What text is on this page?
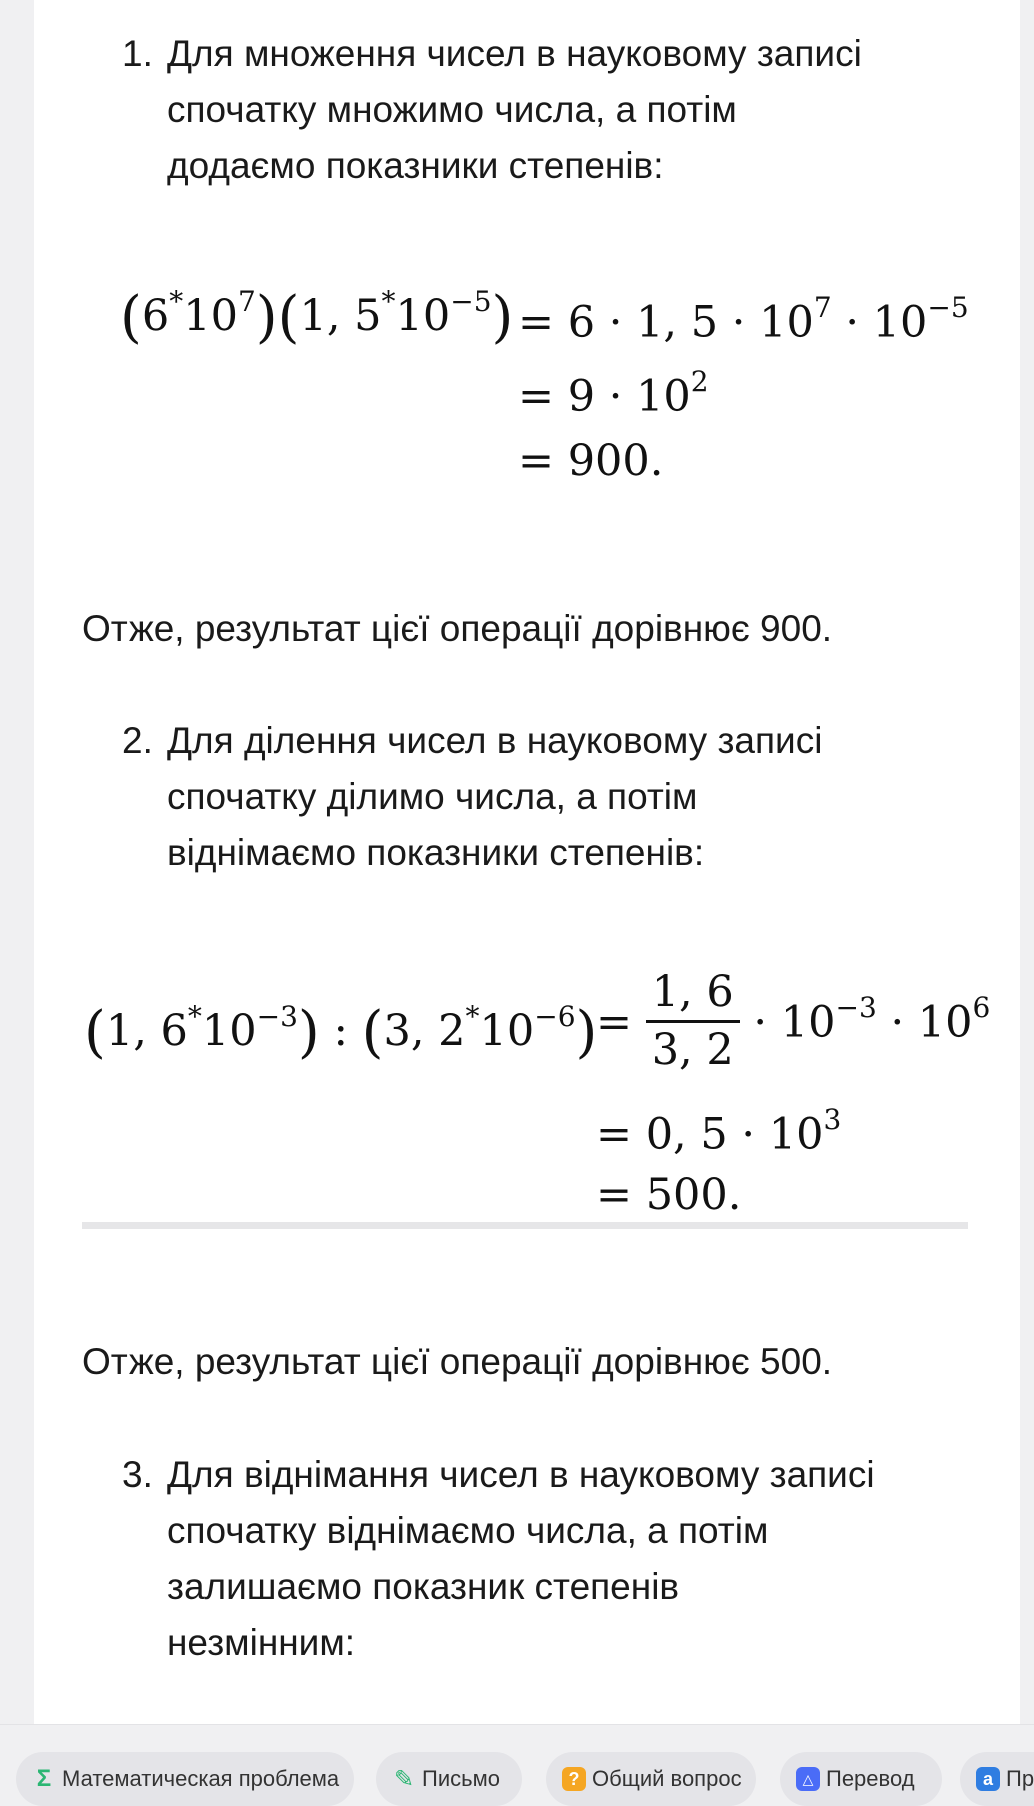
1. Для множення чисел в науковому записі
спочатку множимо числа, а потім
додаємо показники степенів:
$(6^*10^7)(1$, $5^*10^{-5}) = 6 \cdot 1$, $5 \cdot 10^7 \cdot 10^{-5}$
= $9 \cdot 10^2$
= 900.
Отже, результат цієї операції дорівнює 900.
2. Для ділення чисел в науковому записі
спочатку ділимо числа, а потім
віднімаємо показники степенів:
(1, $6^*10^{-3}$) : (3, $2^*10^{-6}$)
= $\frac{1, 6}{3, 2} \cdot 10^{-3} \cdot 10^6$
= 0, $5 \cdot 10^3$
= 500.
Отже, результат цієї операції дорівнює 500.
3. Для віднімання чисел в науковому записі
спочатку віднімаємо числа, а потім
залишаємо показник степенів
незмінним:
Σ Математическая проблема ✎ Письмо	? Общий вопрос	△ Перевод	a Пр
